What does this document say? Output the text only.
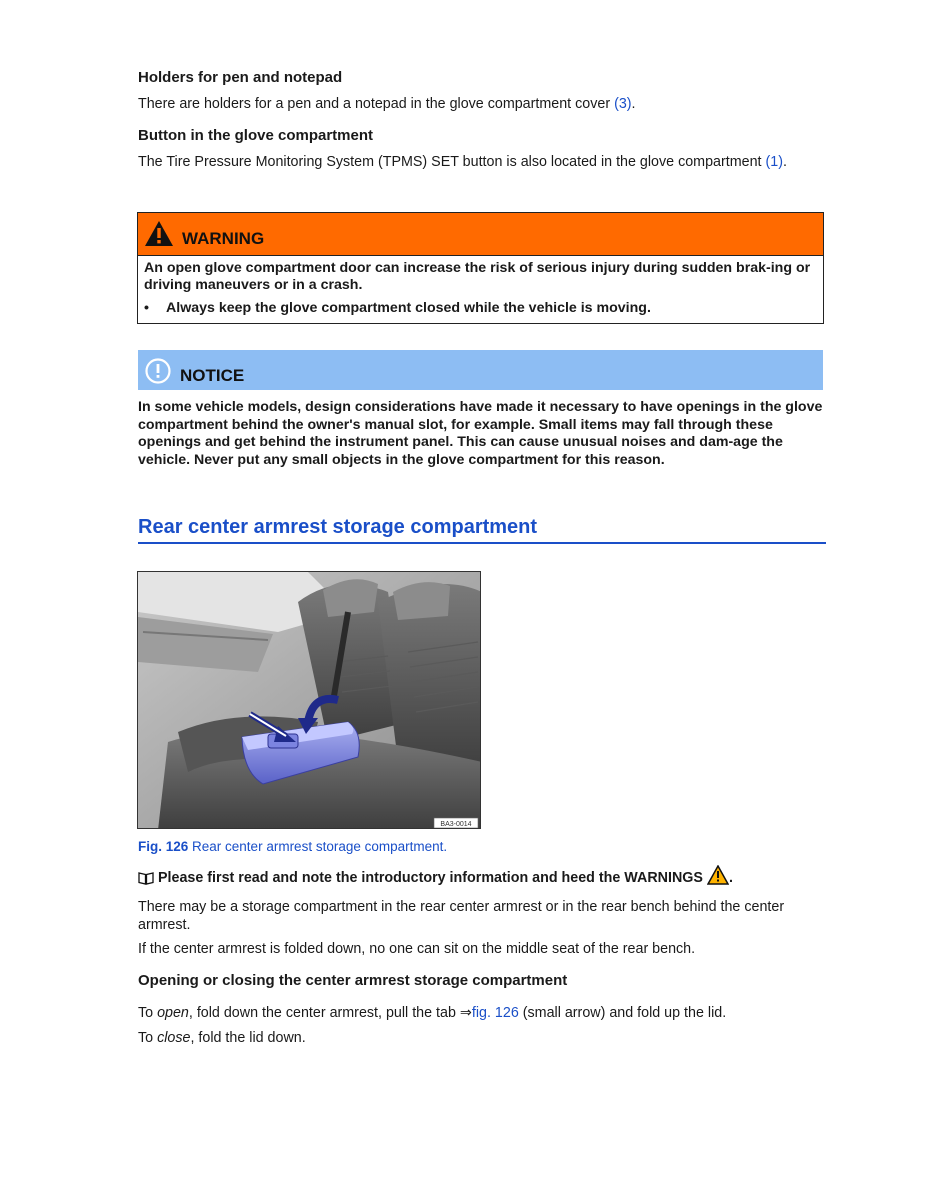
Holders for pen and notepad

There are holders for a pen and a notepad in the glove compartment cover (3).

Button in the glove compartment

The Tire Pressure Monitoring System (TPMS) SET button is also located in the glove compartment (1).

WARNING
An open glove compartment door can increase the risk of serious injury during sudden brak-ing or driving maneuvers or in a crash.
•	Always keep the glove compartment closed while the vehicle is moving.
NOTICE
In some vehicle models, design considerations have made it necessary to have openings in the glove compartment behind the owner's manual slot, for example. Small items may fall through these openings and get behind the instrument panel. This can cause unusual noises and dam-age the vehicle. Never put any small objects in the glove compartment for this reason.
Rear center armrest storage compartment
BA3-0014
Fig. 126 Rear center armrest storage compartment.
Please first read and note the introductory information and heed the WARNINGS .

There may be a storage compartment in the rear center armrest or in the rear bench behind the center armrest.

If the center armrest is folded down, no one can sit on the middle seat of the rear bench.

Opening or closing the center armrest storage compartment

To open, fold down the center armrest, pull the tab ⇒fig. 126 (small arrow) and fold up the lid.

To close, fold the lid down.
